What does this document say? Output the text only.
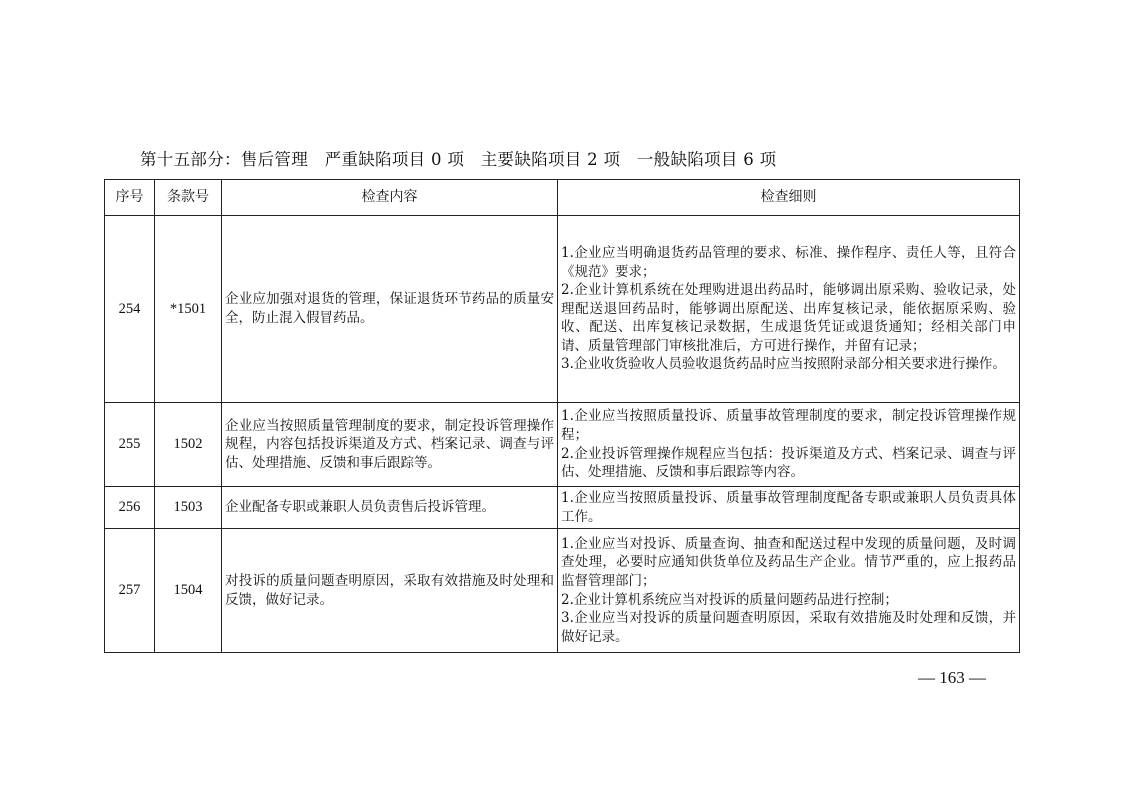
第十五部分：售后管理   严重缺陷项目 0 项   主要缺陷项目 2 项   一般缺陷项目 6 项
序号	条款号	检查内容	检查细则
254	*1501	企业应加强对退货的管理，保证退货环节药品的质量安全，防止混入假冒药品。	1.企业应当明确退货药品管理的要求、标准、操作程序、责任人等，且符合《规范》要求；
2.企业计算机系统在处理购进退出药品时，能够调出原采购、验收记录，处理配送退回药品时，能够调出原配送、出库复核记录，能依据原采购、验收、配送、出库复核记录数据，生成退货凭证或退货通知；经相关部门申请、质量管理部门审核批准后，方可进行操作，并留有记录；
3.企业收货验收人员验收退货药品时应当按照附录部分相关要求进行操作。

255	1502	企业应当按照质量管理制度的要求，制定投诉管理操作规程，内容包括投诉渠道及方式、档案记录、调查与评估、处理措施、反馈和事后跟踪等。	1.企业应当按照质量投诉、质量事故管理制度的要求，制定投诉管理操作规程；
2.企业投诉管理操作规程应当包括：投诉渠道及方式、档案记录、调查与评估、处理措施、反馈和事后跟踪等内容。

256	1503	企业配备专职或兼职人员负责售后投诉管理。	1.企业应当按照质量投诉、质量事故管理制度配备专职或兼职人员负责具体工作。

257	1504	对投诉的质量问题查明原因，采取有效措施及时处理和反馈，做好记录。	1.企业应当对投诉、质量查询、抽查和配送过程中发现的质量问题，及时调查处理，必要时应通知供货单位及药品生产企业。情节严重的，应上报药品监督管理部门；
2.企业计算机系统应当对投诉的质量问题药品进行控制；
3.企业应当对投诉的质量问题查明原因，采取有效措施及时处理和反馈，并做好记录。
— 163 —
